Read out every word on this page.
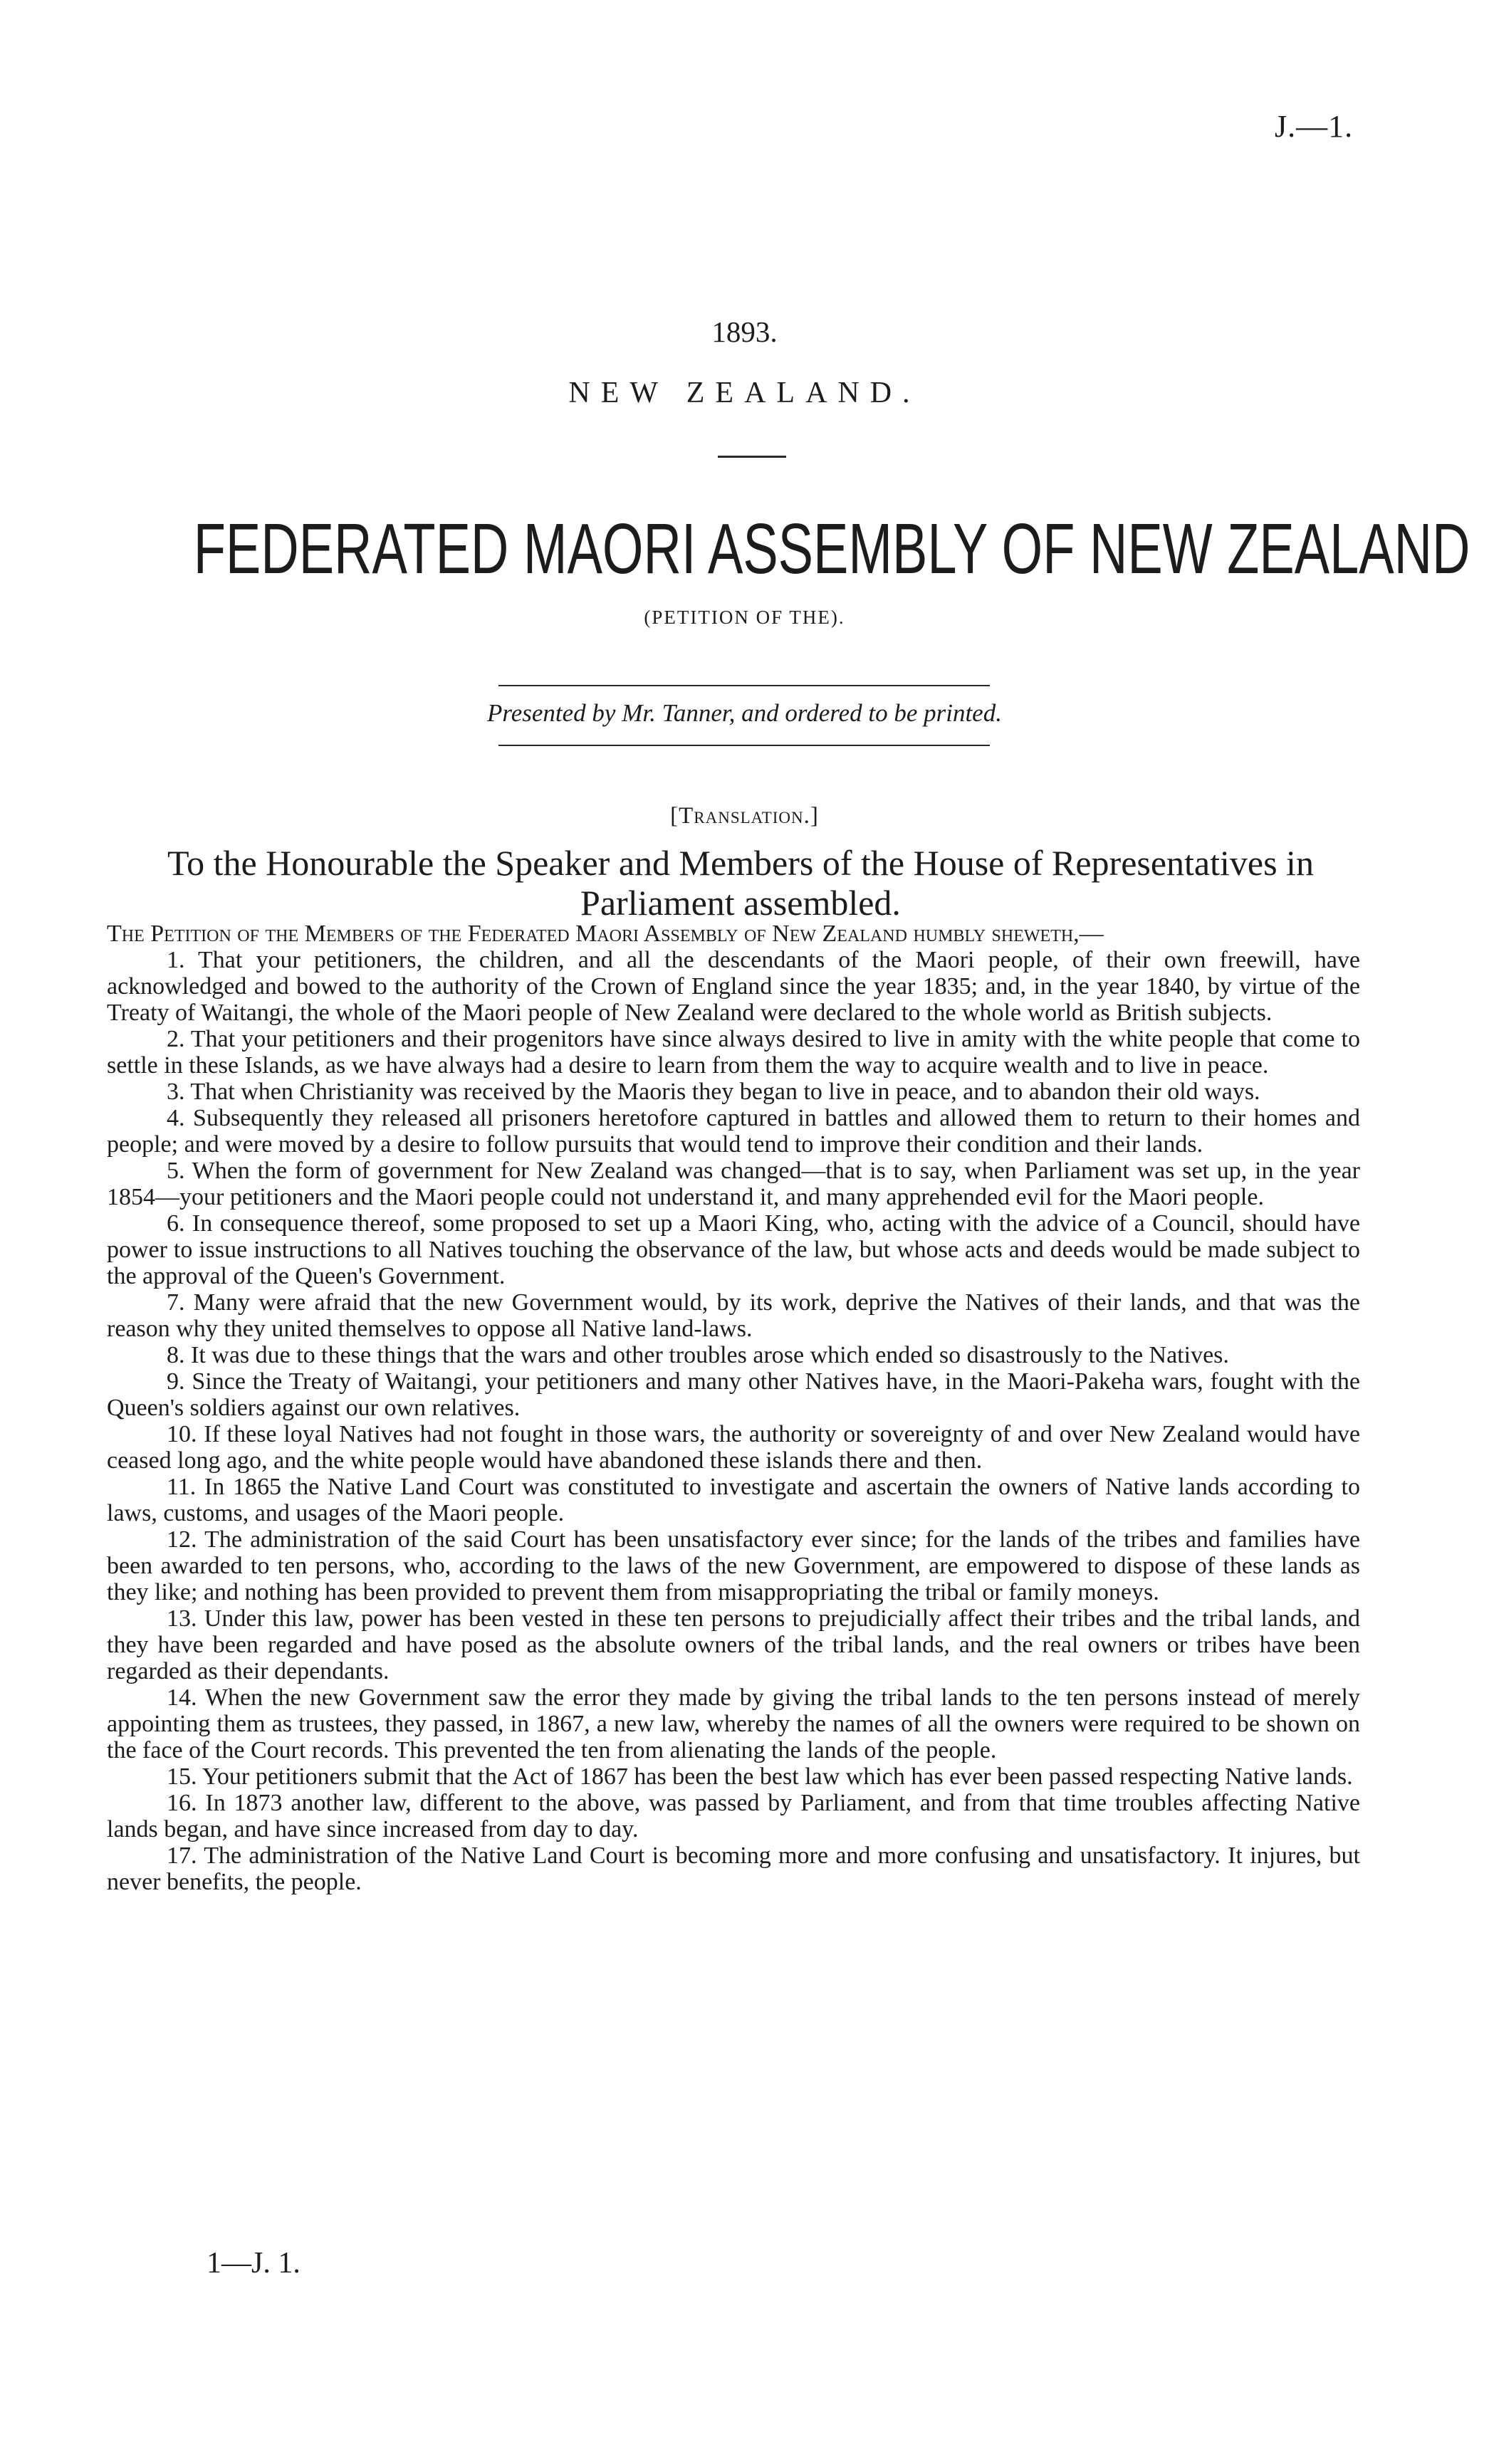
J.—1.
1893.
NEW ZEALAND.
FEDERATED MAORI ASSEMBLY OF NEW ZEALAND
(PETITION OF THE).
Presented by Mr. Tanner, and ordered to be printed.
[Translation.]
To the Honourable the Speaker and Members of the House of Representatives in Parliament assembled.

The Petition of the Members of the Federated Maori Assembly of New Zealand humbly sheweth,—

1. That your petitioners, the children, and all the descendants of the Maori people, of their own freewill, have acknowledged and bowed to the authority of the Crown of England since the year 1835; and, in the year 1840, by virtue of the Treaty of Waitangi, the whole of the Maori people of New Zealand were declared to the whole world as British subjects.

2. That your petitioners and their progenitors have since always desired to live in amity with the white people that come to settle in these Islands, as we have always had a desire to learn from them the way to acquire wealth and to live in peace.

3. That when Christianity was received by the Maoris they began to live in peace, and to abandon their old ways.

4. Subsequently they released all prisoners heretofore captured in battles and allowed them to return to their homes and people; and were moved by a desire to follow pursuits that would tend to improve their condition and their lands.

5. When the form of government for New Zealand was changed—that is to say, when Parliament was set up, in the year 1854—your petitioners and the Maori people could not understand it, and many apprehended evil for the Maori people.

6. In consequence thereof, some proposed to set up a Maori King, who, acting with the advice of a Council, should have power to issue instructions to all Natives touching the observance of the law, but whose acts and deeds would be made subject to the approval of the Queen's Government.

7. Many were afraid that the new Government would, by its work, deprive the Natives of their lands, and that was the reason why they united themselves to oppose all Native land-laws.

8. It was due to these things that the wars and other troubles arose which ended so disastrously to the Natives.

9. Since the Treaty of Waitangi, your petitioners and many other Natives have, in the Maori-Pakeha wars, fought with the Queen's soldiers against our own relatives.

10. If these loyal Natives had not fought in those wars, the authority or sovereignty of and over New Zealand would have ceased long ago, and the white people would have abandoned these islands there and then.

11. In 1865 the Native Land Court was constituted to investigate and ascertain the owners of Native lands according to laws, customs, and usages of the Maori people.

12. The administration of the said Court has been unsatisfactory ever since; for the lands of the tribes and families have been awarded to ten persons, who, according to the laws of the new Government, are empowered to dispose of these lands as they like; and nothing has been provided to prevent them from misappropriating the tribal or family moneys.

13. Under this law, power has been vested in these ten persons to prejudicially affect their tribes and the tribal lands, and they have been regarded and have posed as the absolute owners of the tribal lands, and the real owners or tribes have been regarded as their dependants.

14. When the new Government saw the error they made by giving the tribal lands to the ten persons instead of merely appointing them as trustees, they passed, in 1867, a new law, whereby the names of all the owners were required to be shown on the face of the Court records. This prevented the ten from alienating the lands of the people.

15. Your petitioners submit that the Act of 1867 has been the best law which has ever been passed respecting Native lands.

16. In 1873 another law, different to the above, was passed by Parliament, and from that time troubles affecting Native lands began, and have since increased from day to day.

17. The administration of the Native Land Court is becoming more and more confusing and unsatisfactory. It injures, but never benefits, the people.

1—J. 1.
